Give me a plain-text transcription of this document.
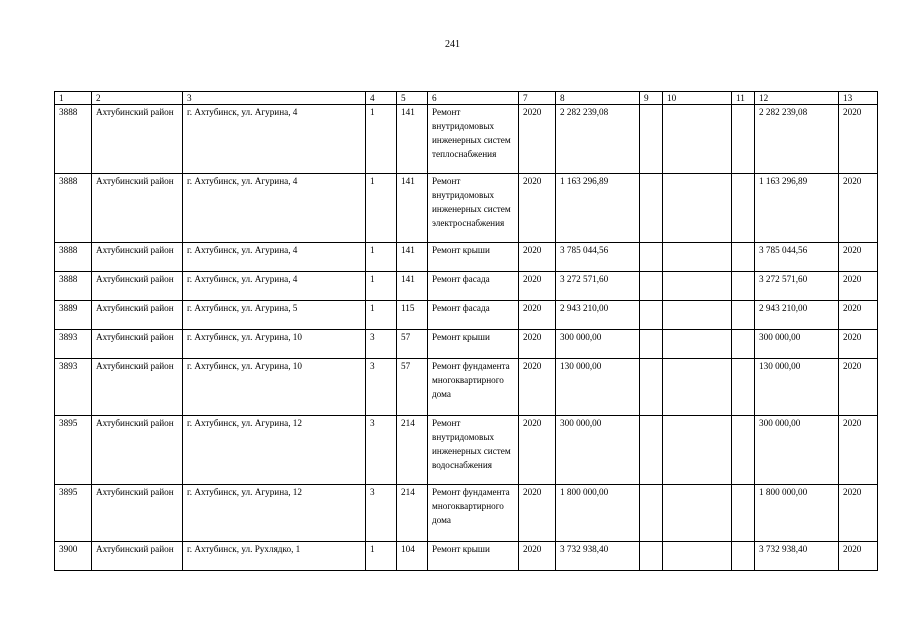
241
1	2	3	4	5	6	7	8	9	10	11	12	13
3888	Ахтубинский район	г. Ахтубинск, ул. Агурина, 4	1	141	Ремонт внутридомовых инженерных систем теплоснабжения	2020	2 282 239,08				2 282 239,08	2020
3888	Ахтубинский район	г. Ахтубинск, ул. Агурина, 4	1	141	Ремонт внутридомовых инженерных систем электроснабжения	2020	1 163 296,89				1 163 296,89	2020
3888	Ахтубинский район	г. Ахтубинск, ул. Агурина, 4	1	141	Ремонт крыши	2020	3 785 044,56				3 785 044,56	2020
3888	Ахтубинский район	г. Ахтубинск, ул. Агурина, 4	1	141	Ремонт фасада	2020	3 272 571,60				3 272 571,60	2020
3889	Ахтубинский район	г. Ахтубинск, ул. Агурина, 5	1	115	Ремонт фасада	2020	2 943 210,00				2 943 210,00	2020
3893	Ахтубинский район	г. Ахтубинск, ул. Агурина, 10	3	57	Ремонт крыши	2020	300 000,00				300 000,00	2020
3893	Ахтубинский район	г. Ахтубинск, ул. Агурина, 10	3	57	Ремонт фундамента многоквартирного дома	2020	130 000,00				130 000,00	2020
3895	Ахтубинский район	г. Ахтубинск, ул. Агурина, 12	3	214	Ремонт внутридомовых инженерных систем водоснабжения	2020	300 000,00				300 000,00	2020
3895	Ахтубинский район	г. Ахтубинск, ул. Агурина, 12	3	214	Ремонт фундамента многоквартирного дома	2020	1 800 000,00				1 800 000,00	2020
3900	Ахтубинский район	г. Ахтубинск, ул. Рухлядко, 1	1	104	Ремонт крыши	2020	3 732 938,40				3 732 938,40	2020
